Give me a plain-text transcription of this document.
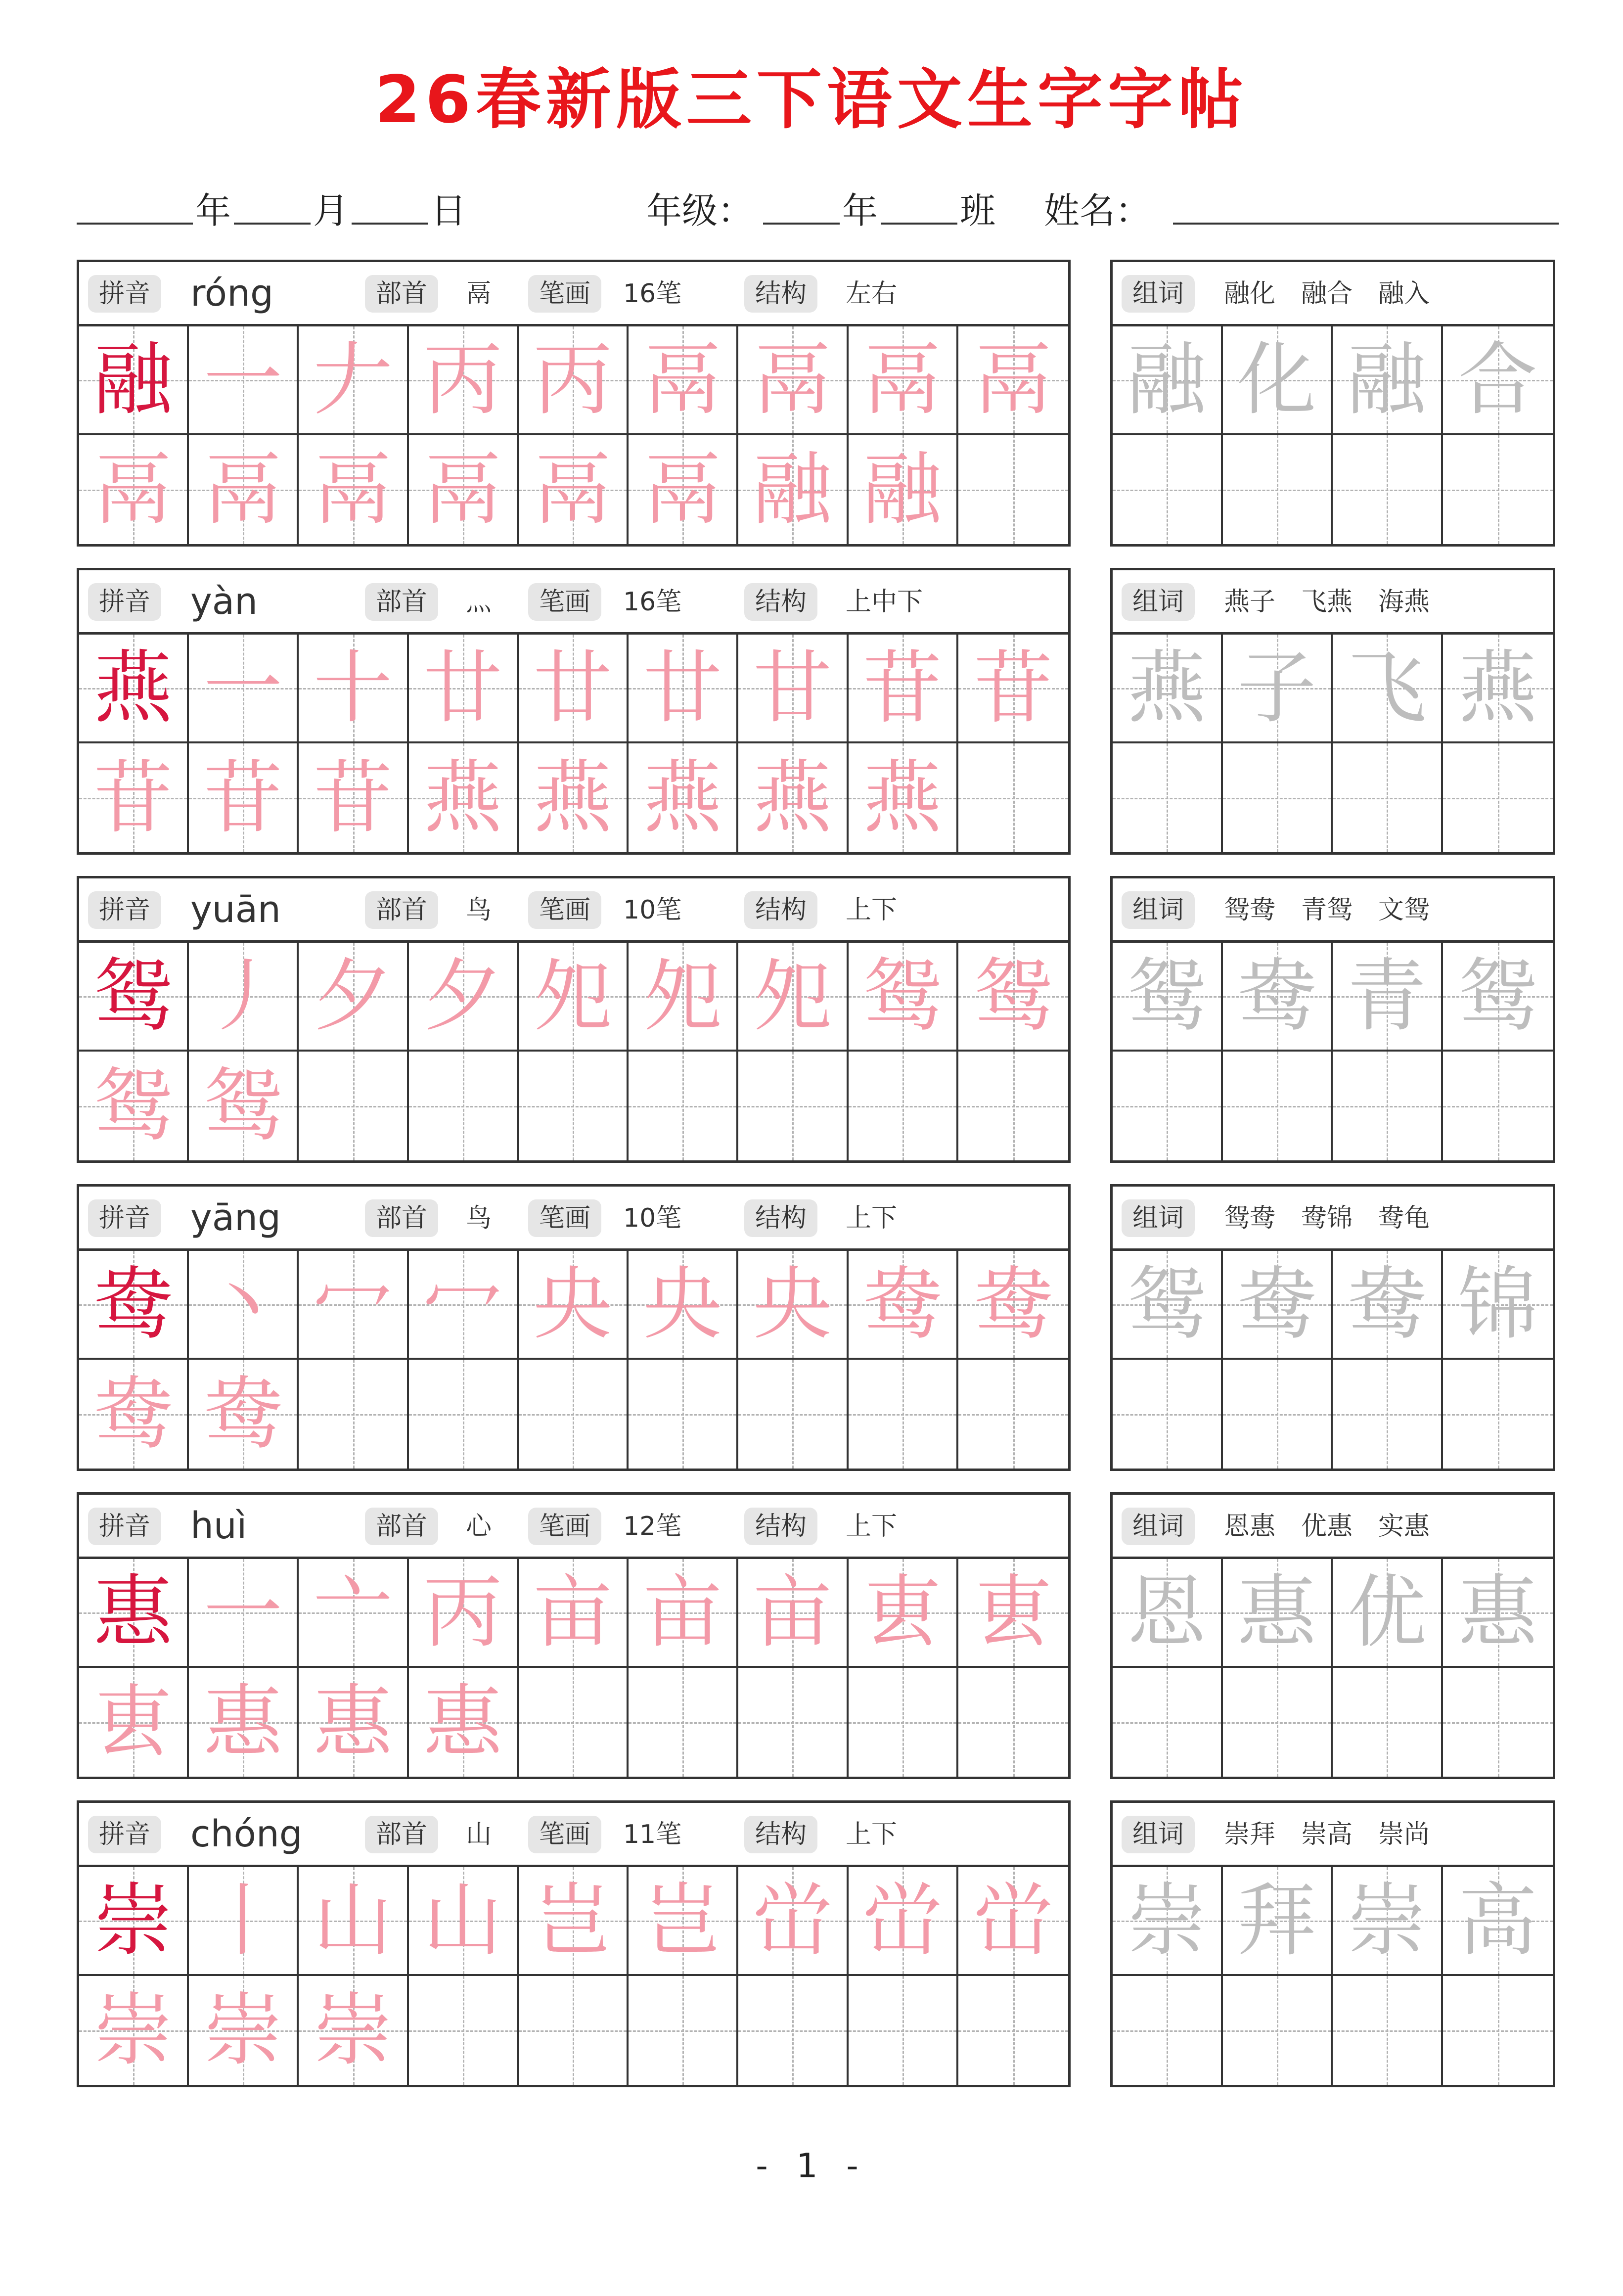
26春新版三下语文生字字帖
年 月 日	年级： 年 班 姓名：
拼音 róng	部首	鬲	笔画	16笔	结构	左右
融 一 𠂇 丙 丙 鬲 鬲 鬲 鬲
鬲 鬲 鬲 鬲 鬲 鬲 融 融
组词	融化　融合　融入
融 化 融 合
拼音 yàn	部首	灬	笔画	16笔	结构	上中下
燕 一 十 廿 廿 廿 甘 苷 苷
苷 苷 苷 燕 燕 燕 燕 燕
组词	燕子　飞燕　海燕
燕 子 飞 燕
拼音 yuān	部首	鸟	笔画	10笔	结构	上下
鸳 丿 夕 夕 夗 夗 夗 鸳 鸳
鸳 鸳
组词	鸳鸯　青鸳　文鸳
鸳 鸯 青 鸳
拼音 yāng	部首	鸟	笔画	10笔	结构	上下
鸯 丶 冖 冖 央 央 央 鸯 鸯
鸯 鸯
组词	鸳鸯　鸯锦　鸯龟
鸳 鸯 鸯 锦
拼音 huì	部首	心	笔画	12笔	结构	上下
惠 一 亠 丙 亩 亩 亩 叀 叀
叀 惠 惠 惠
组词	恩惠　优惠　实惠
恩 惠 优 惠
拼音 chóng	部首	山	笔画	11笔	结构	上下
崇 丨 山 山 岂 岂 峃 峃 峃
崇 崇 崇
组词	崇拜　崇高　崇尚
崇 拜 崇 高
- 1 -
